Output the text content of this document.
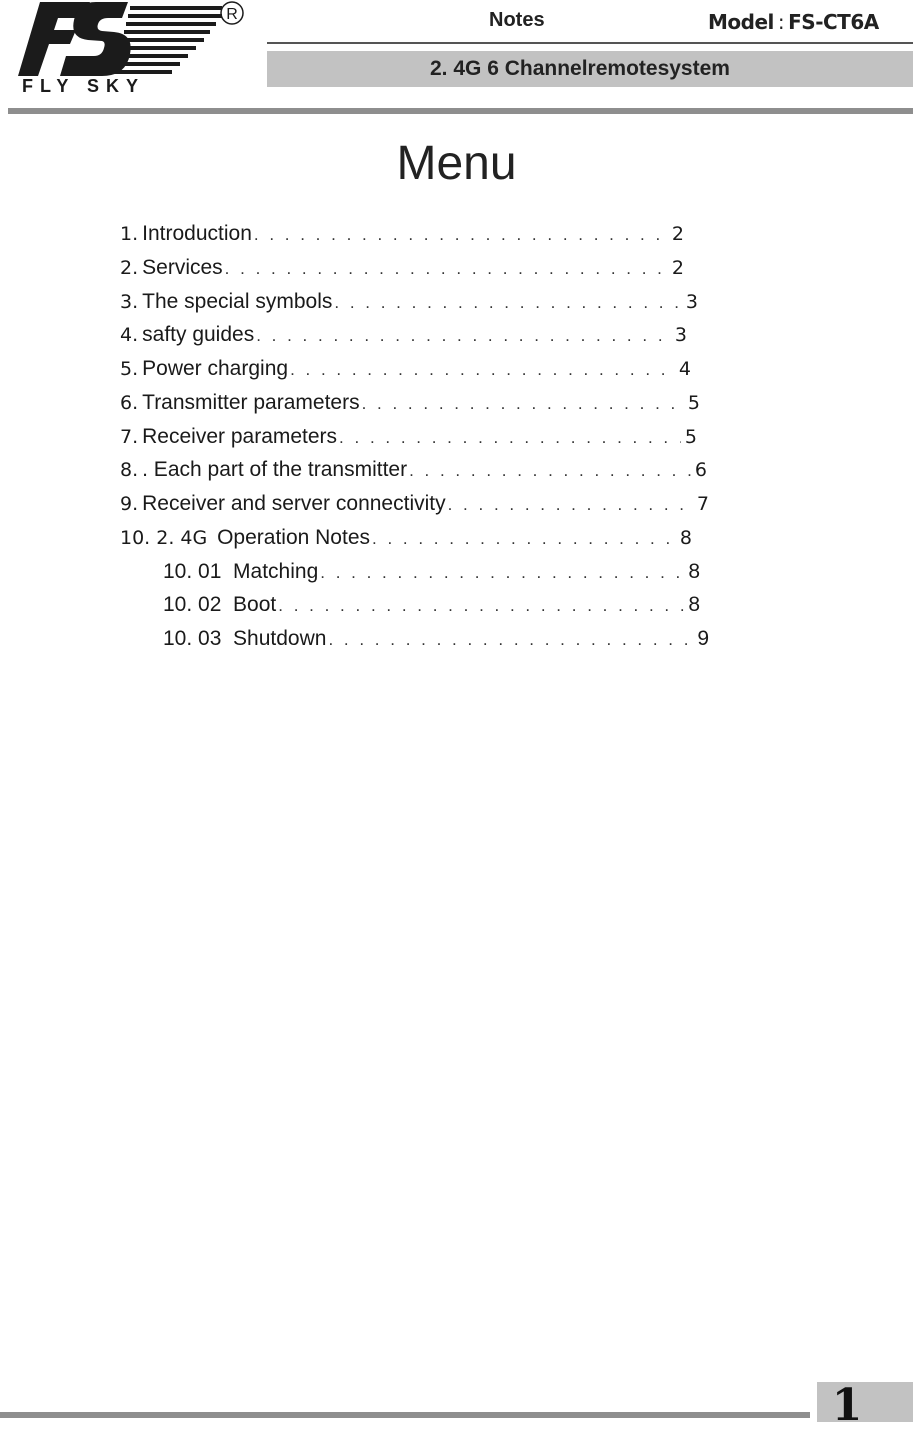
R
FLY SKY
Notes	Model : FS-CT6A
2. 4G 6 Channelremotesystem
Menu
1. Introduction . . .	2
2. Services . . .	2
3. The special symbols . . .	3
4. safty guides . . .	3
5. Power charging . . .	4
6. Transmitter parameters . . .	5
7. Receiver parameters . . .	5
8. . Each part of the transmitter . . .	6
9. Receiver and server connectivity . . .	7
10. 2. 4G Operation Notes . . .	8
10. 01  Matching . . .	8
10. 02  Boot . . .	8
10. 03  Shutdown . . .	9
1
